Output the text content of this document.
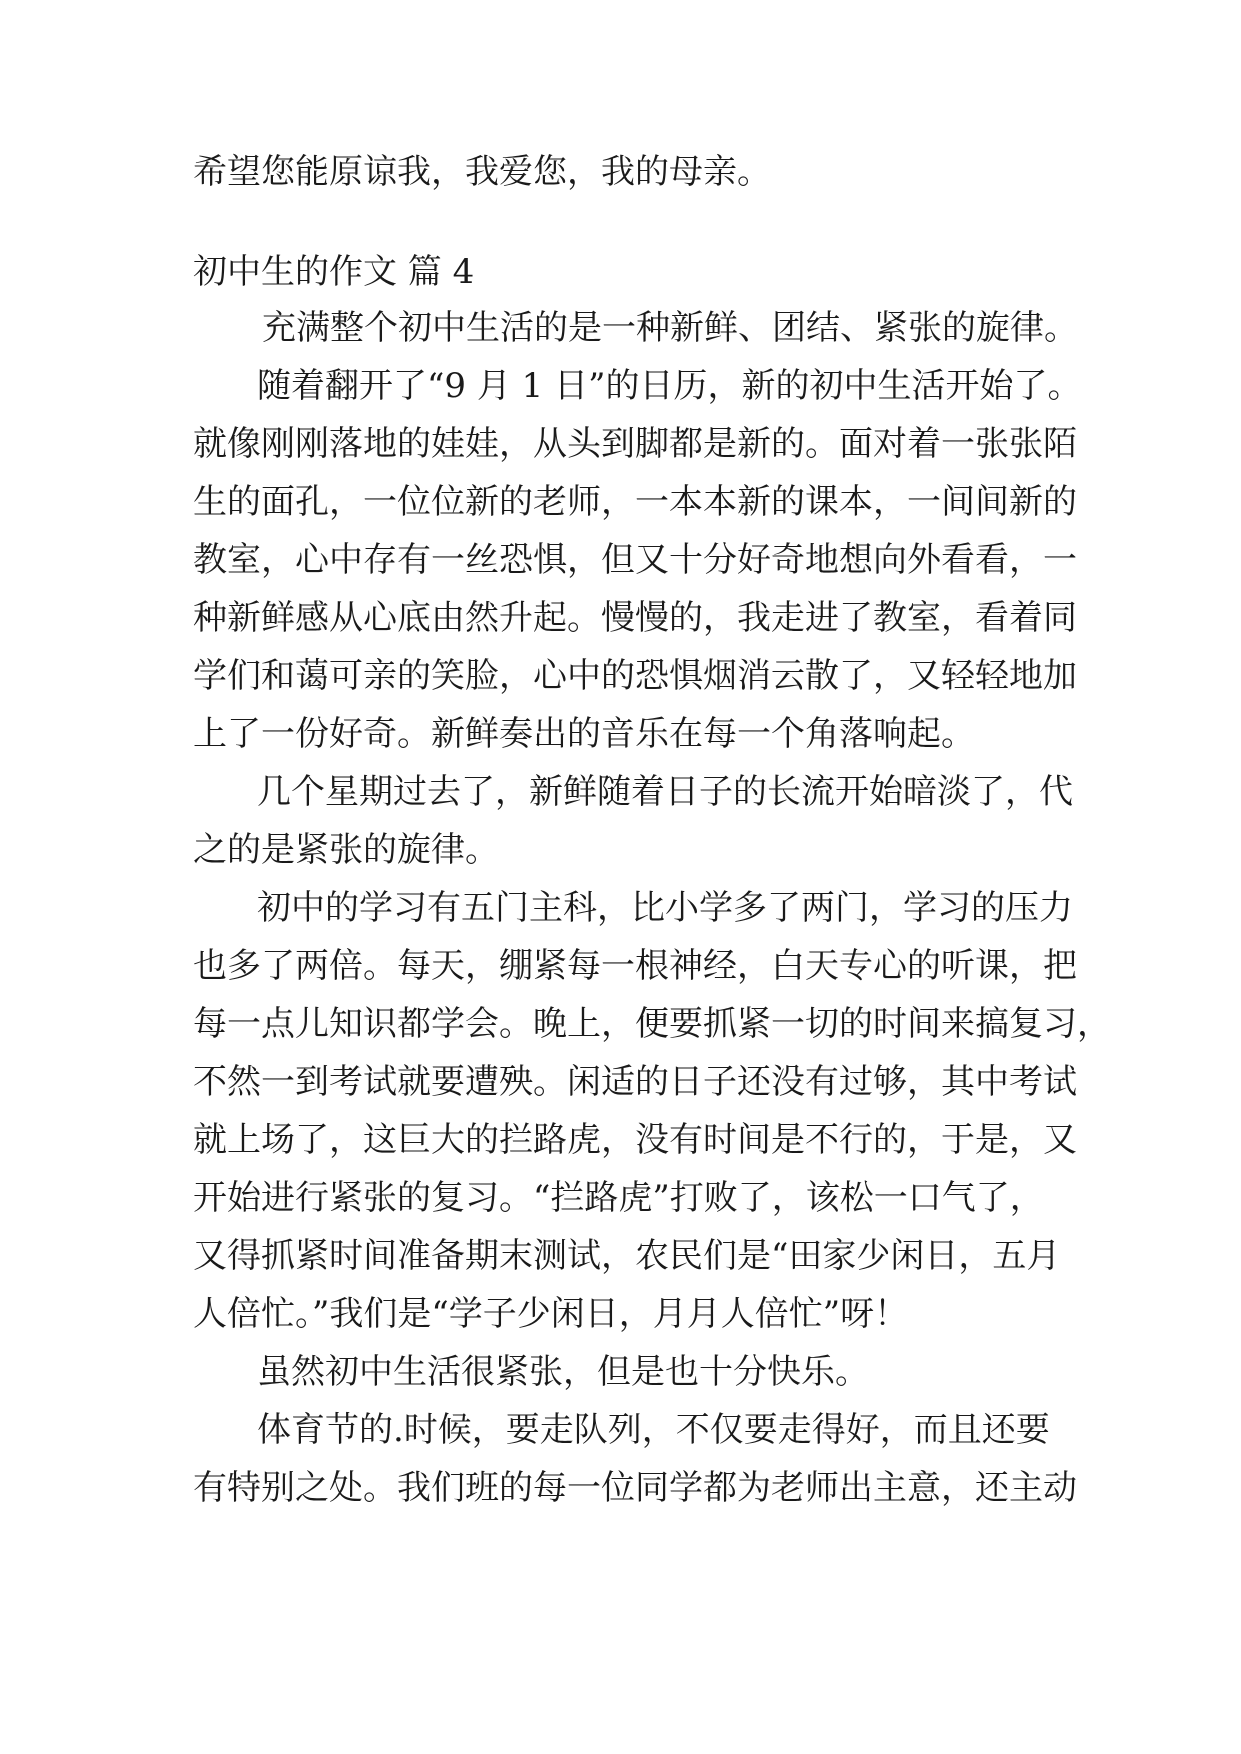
希望您能原谅我，我爱您，我的母亲。

初中生的作文 篇 4

充满整个初中生活的是一种新鲜、团结、紧张的旋律。

随着翻开了“9 月 1 日”的日历，新的初中生活开始了。

就像刚刚落地的娃娃，从头到脚都是新的。面对着一张张陌

生的面孔，一位位新的老师，一本本新的课本，一间间新的

教室，心中存有一丝恐惧，但又十分好奇地想向外看看，一

种新鲜感从心底由然升起。慢慢的，我走进了教室，看着同

学们和蔼可亲的笑脸，心中的恐惧烟消云散了，又轻轻地加

上了一份好奇。新鲜奏出的音乐在每一个角落响起。

几个星期过去了，新鲜随着日子的长流开始暗淡了，代

之的是紧张的旋律。

初中的学习有五门主科，比小学多了两门，学习的压力

也多了两倍。每天，绷紧每一根神经，白天专心的听课，把

每一点儿知识都学会。晚上，便要抓紧一切的时间来搞复习，

不然一到考试就要遭殃。闲适的日子还没有过够，其中考试

就上场了，这巨大的拦路虎，没有时间是不行的，于是，又

开始进行紧张的复习。“拦路虎”打败了，该松一口气了，

又得抓紧时间准备期末测试，农民们是“田家少闲日，五月

人倍忙。”我们是“学子少闲日，月月人倍忙”呀！

虽然初中生活很紧张，但是也十分快乐。

体育节的.时候，要走队列，不仅要走得好，而且还要

有特别之处。我们班的每一位同学都为老师出主意，还主动
